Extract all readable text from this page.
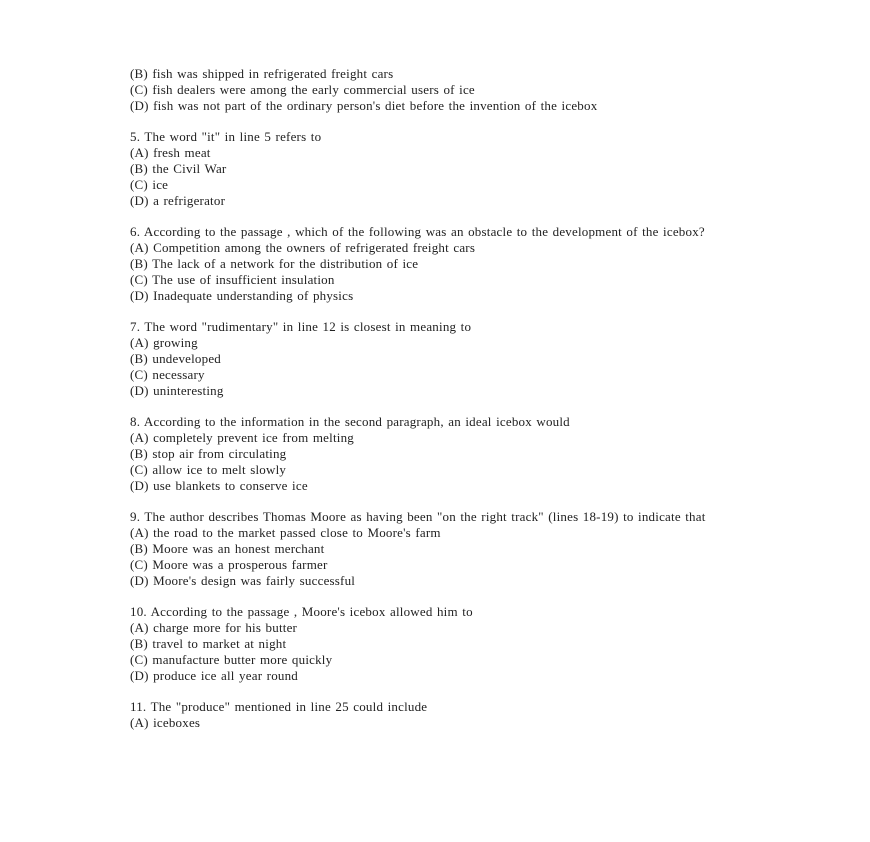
(B) fish was shipped in refrigerated freight cars

(C) fish dealers were among the early commercial users of ice

(D) fish was not part of the ordinary person's diet before the invention of the icebox

5. The word "it" in line 5 refers to

(A) fresh meat

(B) the Civil War

(C) ice

(D) a refrigerator

6. According to the passage , which of the following was an obstacle to the development of the icebox?

(A) Competition among the owners of refrigerated freight cars

(B) The lack of a network for the distribution of ice

(C) The use of insufficient insulation

(D) Inadequate understanding of physics

7. The word "rudimentary" in line 12 is closest in meaning to

(A) growing

(B) undeveloped

(C) necessary

(D) uninteresting

8. According to the information in the second paragraph, an ideal icebox would

(A) completely prevent ice from melting

(B) stop air from circulating

(C) allow ice to melt slowly

(D) use blankets to conserve ice

9. The author describes Thomas Moore as having been "on the right track" (lines 18-19) to indicate that

(A) the road to the market passed close to Moore's farm

(B) Moore was an honest merchant

(C) Moore was a prosperous farmer

(D) Moore's design was fairly successful

10. According to the passage , Moore's icebox allowed him to

(A) charge more for his butter

(B) travel to market at night

(C) manufacture butter more quickly

(D) produce ice all year round

11. The "produce" mentioned in line 25 could include

(A) iceboxes
